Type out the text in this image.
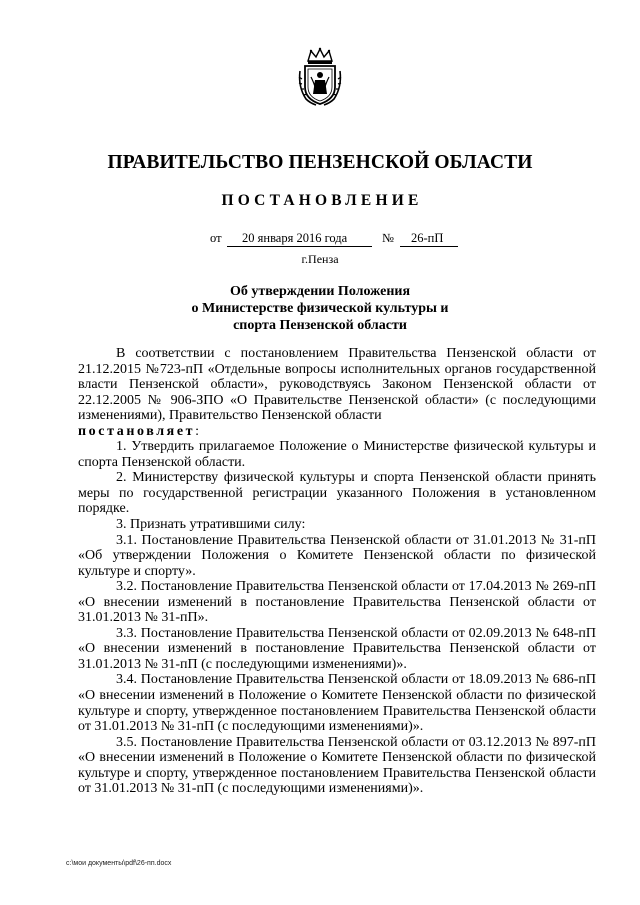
ПРАВИТЕЛЬСТВО ПЕНЗЕНСКОЙ ОБЛАСТИ
ПОСТАНОВЛЕНИЕ
от 20 января 2016 года	№ 26-пП
г.Пенза
Об утверждении Положения
о Министерстве физической культуры и
спорта Пензенской области

В соответствии с постановлением Правительства Пензенской области от 21.12.2015 №723-пП «Отдельные вопросы исполнительных органов государственной власти Пензенской области», руководствуясь Законом Пензенской области от 22.12.2005 № 906-ЗПО «О Правительстве Пензенской области» (с последующими изменениями), Правительство Пензенской области

постановляет:

1. Утвердить прилагаемое Положение о Министерстве физической культуры и спорта Пензенской области.

2. Министерству физической культуры и спорта Пензенской области принять меры по государственной регистрации указанного Положения в установленном порядке.

3. Признать утратившими силу:

3.1. Постановление Правительства Пензенской области от 31.01.2013 № 31-пП «Об утверждении Положения о Комитете Пензенской области по физической культуре и спорту».

3.2. Постановление Правительства Пензенской области от 17.04.2013 № 269-пП «О внесении изменений в постановление Правительства Пензенской области от 31.01.2013 № 31-пП».

3.3. Постановление Правительства Пензенской области от 02.09.2013 № 648-пП «О внесении изменений в постановление Правительства Пензенской области от 31.01.2013 № 31-пП (с последующими изменениями)».

3.4. Постановление Правительства Пензенской области от 18.09.2013 № 686-пП «О внесении изменений в Положение о Комитете Пензенской области по физической культуре и спорту, утвержденное постановлением Правительства Пензенской области от 31.01.2013 № 31-пП (с последующими изменениями)».

3.5. Постановление Правительства Пензенской области от 03.12.2013 № 897-пП «О внесении изменений в Положение о Комитете Пензенской области по физической культуре и спорту, утвержденное постановлением Правительства Пензенской области от 31.01.2013 № 31-пП (с последующими изменениями)».

c:\мои документы\pdf\26-пп.docx
